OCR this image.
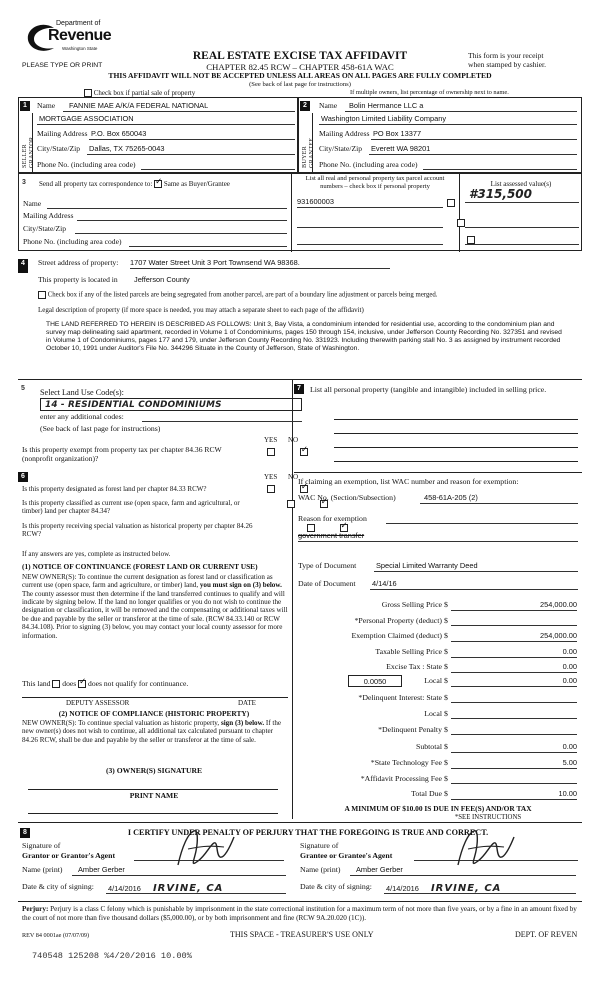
Department of
Revenue
Washington State
PLEASE TYPE OR PRINT
REAL ESTATE EXCISE TAX AFFIDAVIT
CHAPTER 82.45 RCW – CHAPTER 458-61A WAC
THIS AFFIDAVIT WILL NOT BE ACCEPTED UNLESS ALL AREAS ON ALL PAGES ARE FULLY COMPLETED
(See back of last page for instructions)
This form is your receipt
when stamped by cashier.
Check box if partial sale of property	If multiple owners, list percentage of ownership next to name.
1
SELLER GRANTOR
Name	FANNIE MAE A/K/A FEDERAL NATIONAL
MORTGAGE ASSOCIATION
Mailing Address P.O. Box 650043
City/State/Zip Dallas, TX 75265-0043
Phone No. (including area code)
2
BUYER GRANTEE
Name	Bolin Hermance LLC a
Washington Limited Liability Company
Mailing Address PO Box 13377
City/State/Zip Everett WA 98201
Phone No. (including area code)
3 Send all property tax correspondence to: ✓ Same as Buyer/Grantee
List all real and personal property tax parcel account numbers – check box if personal property	List assessed value(s)
Name
Mailing Address
City/State/Zip
Phone No. (including area code)
931600003

#315,500
4	Street address of property: 1707 Water Street Unit 3 Port Townsend WA 98368.
This property is located in Jefferson County
Check box if any of the listed parcels are being segregated from another parcel, are part of a boundary line adjustment or parcels being merged.
Legal description of property (if more space is needed, you may attach a separate sheet to each page of the affidavit)
THE LAND REFERRED TO HEREIN IS DESCRIBED AS FOLLOWS: Unit 3, Bay Vista, a condominium intended for residential use, according to the condominium plan and survey map delineating said apartment, recorded in Volume 1 of Condominiums, pages 150 through 154, inclusive, under Jefferson County Recording No. 327351 and revised in Volume 1 of Condominiums, pages 177 and 179, under Jefferson County Recording No. 331923. Including therewith parking stall No. 3 as assigned by instrument recorded October 10, 1991 under Auditor's File No. 344296 Situate in the County of Jefferson, State of Washington.
5	Select Land Use Code(s):
14 - RESIDENTIAL CONDOMINIUMS
enter any additional codes:
(See back of last page for instructions)
YES NO
Is this property exempt from property tax per chapter 84.36 RCW (nonprofit organization)?
✓
6	YES NO
Is this property designated as forest land per chapter 84.33 RCW?
✓
Is this property classified as current use (open space, farm and agricultural, or timber) land per chapter 84.34?
✓
Is this property receiving special valuation as historical property per chapter 84.26 RCW?
✓
If any answers are yes, complete as instructed below.
(1) NOTICE OF CONTINUANCE (FOREST LAND OR CURRENT USE)
NEW OWNER(S): To continue the current designation as forest land or classification as current use (open space, farm and agriculture, or timber) land, you must sign on (3) below. The county assessor must then determine if the land transferred continues to qualify and will indicate by signing below. If the land no longer qualifies or you do not wish to continue the designation or classification, it will be removed and the compensating or additional taxes will be due and payable by the seller or transferor at the time of sale. (RCW 84.33.140 or RCW 84.34.108). Prior to signing (3) below, you may contact your local county assessor for more information.
This land does ✓ does not qualify for continuance.
DEPUTY ASSESSOR	DATE
(2) NOTICE OF COMPLIANCE (HISTORIC PROPERTY)
NEW OWNER(S): To continue special valuation as historic property, sign (3) below. If the new owner(s) does not wish to continue, all additional tax calculated pursuant to chapter 84.26 RCW, shall be due and payable by the seller or transferor at the time of sale.
(3) OWNER(S) SIGNATURE
PRINT NAME
7	List all personal property (tangible and intangible) included in selling price.
If claiming an exemption, list WAC number and reason for exemption:
WAC No. (Section/Subsection)	458-61A-205 (2)
Reason for exemption
government transfer
Type of Document	Special Limited Warranty Deed
Date of Document 4/14/16
Gross Selling Price $	254,000.00
*Personal Property (deduct) $
Exemption Claimed (deduct) $	254,000.00
Taxable Selling Price $	0.00
Excise Tax : State $	0.00
0.0050	Local $	0.00
*Delinquent Interest: State $
Local $
*Delinquent Penalty $
Subtotal $	0.00
*State Technology Fee $	5.00
*Affidavit Processing Fee $
Total Due $	10.00
A MINIMUM OF $10.00 IS DUE IN FEE(S) AND/OR TAX
*SEE INSTRUCTIONS
8	I CERTIFY UNDER PENALTY OF PERJURY THAT THE FOREGOING IS TRUE AND CORRECT.
Signature of
Grantor or Grantor's Agent
Name (print)	Amber Gerber
Date & city of signing: 4/14/2016 IRVINE, CA
Signature of
Grantee or Grantee's Agent
Name (print)	Amber Gerber
Date & city of signing: 4/14/2016 IRVINE, CA
Perjury: Perjury is a class C felony which is punishable by imprisonment in the state correctional institution for a maximum term of not more than five years, or by a fine in an amount fixed by the court of not more than five thousand dollars ($5,000.00), or by both imprisonment and fine (RCW 9A.20.020 (1C)).
REV 84 0001ae (07/07/09)	THIS SPACE - TREASURER'S USE ONLY	DEPT. OF REVEN
740548 125208 %4/20/2016 10.00%
